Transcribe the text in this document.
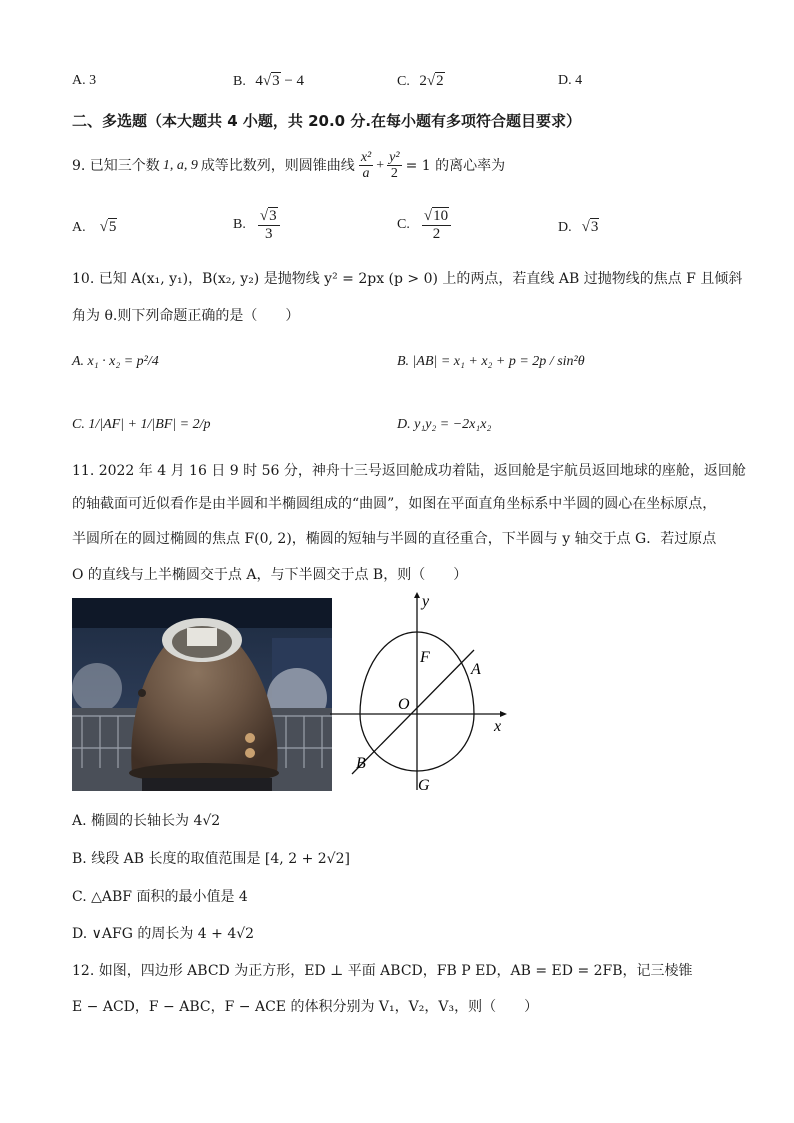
A. 3	B. 4√3 − 4	C. 2√2	D. 4
二、多选题（本大题共 4 小题，共 20.0 分.在每小题有多项符合题目要求）
9. 已知三个数 1, a, 9 成等比数列，则圆锥曲线 $\frac{\text{x²}}{a} + \frac{\text{y²}}{2} = 1$ 的离心率为
A. √5	B. $\frac{√3}{3}$	C. $\frac{√10}{2}$	D. √3
10. 已知 A(x₁, y₁)，B(x₂, y₂) 是抛物线 y² = 2px (p > 0) 上的两点，若直线 AB 过抛物线的焦点 F 且倾斜
角为 θ.则下列命题正确的是（　　）
A. x₁ · x₂ = p²/4	B. |AB| = x₁ + x₂ + p = 2p / sin²θ
C. 1/|AF| + 1/|BF| = 2/p	D. y₁y₂ = −2x₁x₂
11. 2022 年 4 月 16 日 9 时 56 分，神舟十三号返回舱成功着陆，返回舱是宇航员返回地球的座舱，返回舱
的轴截面可近似看作是由半圆和半椭圆组成的“曲圆”，如图在平面直角坐标系中半圆的圆心在坐标原点，
半圆所在的圆过椭圆的焦点 F(0, 2)，椭圆的短轴与半圆的直径重合，下半圆与 y 轴交于点 G．若过原点
O 的直线与上半椭圆交于点 A，与下半圆交于点 B，则（　　）
y
x
F
A
O
B
G
A. 椭圆的长轴长为 4√2
B. 线段 AB 长度的取值范围是 [4, 2 + 2√2]
C. △ABF 面积的最小值是 4
D. ∨AFG 的周长为 4 + 4√2
12. 如图，四边形 ABCD 为正方形，ED ⊥ 平面 ABCD，FB P ED，AB = ED = 2FB，记三棱锥
E − ACD，F − ABC，F − ACE 的体积分别为 V₁，V₂，V₃，则（　　）
